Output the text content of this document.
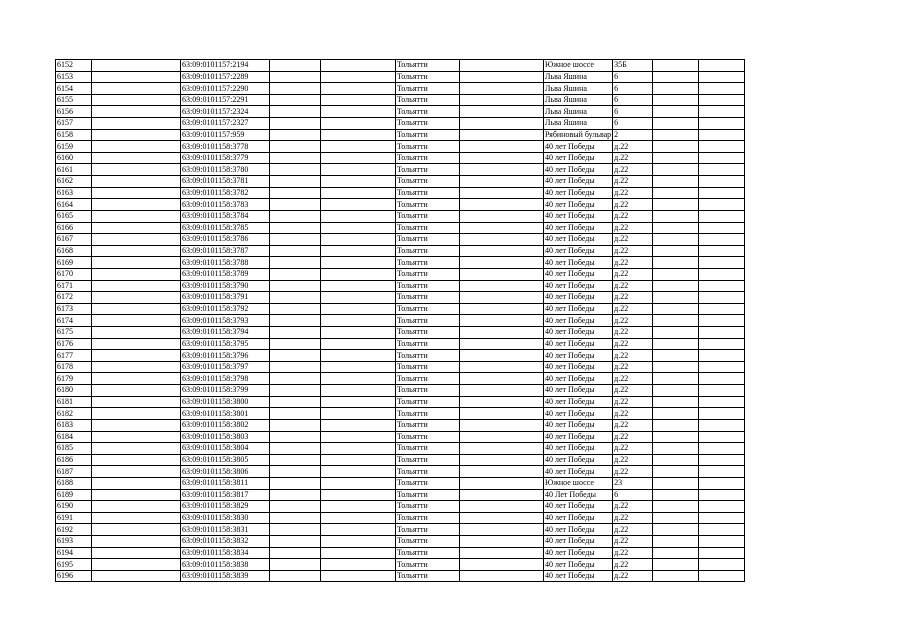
6152		63:09:0101157:2194			Тольятти		Южное шоссе	35Б		
6153		63:09:0101157:2289			Тольятти		Льва Яшина	6		
6154		63:09:0101157:2290			Тольятти		Льва Яшина	6		
6155		63:09:0101157:2291			Тольятти		Льва Яшина	6		
6156		63:09:0101157:2324			Тольятти		Льва Яшина	6		
6157		63:09:0101157:2327			Тольятти		Льва Яшина	6		
6158		63:09:0101157:959			Тольятти		Рябиновый бульвар	2		
6159		63:09:0101158:3778			Тольятти		40 лет Победы	д.22		
6160		63:09:0101158:3779			Тольятти		40 лет Победы	д.22		
6161		63:09:0101158:3780			Тольятти		40 лет Победы	д.22		
6162		63:09:0101158:3781			Тольятти		40 лет Победы	д.22		
6163		63:09:0101158:3782			Тольятти		40 лет Победы	д.22		
6164		63:09:0101158:3783			Тольятти		40 лет Победы	д.22		
6165		63:09:0101158:3784			Тольятти		40 лет Победы	д.22		
6166		63:09:0101158:3785			Тольятти		40 лет Победы	д.22		
6167		63:09:0101158:3786			Тольятти		40 лет Победы	д.22		
6168		63:09:0101158:3787			Тольятти		40 лет Победы	д.22		
6169		63:09:0101158:3788			Тольятти		40 лет Победы	д.22		
6170		63:09:0101158:3789			Тольятти		40 лет Победы	д.22		
6171		63:09:0101158:3790			Тольятти		40 лет Победы	д.22		
6172		63:09:0101158:3791			Тольятти		40 лет Победы	д.22		
6173		63:09:0101158:3792			Тольятти		40 лет Победы	д.22		
6174		63:09:0101158:3793			Тольятти		40 лет Победы	д.22		
6175		63:09:0101158:3794			Тольятти		40 лет Победы	д.22		
6176		63:09:0101158:3795			Тольятти		40 лет Победы	д.22		
6177		63:09:0101158:3796			Тольятти		40 лет Победы	д.22		
6178		63:09:0101158:3797			Тольятти		40 лет Победы	д.22		
6179		63:09:0101158:3798			Тольятти		40 лет Победы	д.22		
6180		63:09:0101158:3799			Тольятти		40 лет Победы	д.22		
6181		63:09:0101158:3800			Тольятти		40 лет Победы	д.22		
6182		63:09:0101158:3801			Тольятти		40 лет Победы	д.22		
6183		63:09:0101158:3802			Тольятти		40 лет Победы	д.22		
6184		63:09:0101158:3803			Тольятти		40 лет Победы	д.22		
6185		63:09:0101158:3804			Тольятти		40 лет Победы	д.22		
6186		63:09:0101158:3805			Тольятти		40 лет Победы	д.22		
6187		63:09:0101158:3806			Тольятти		40 лет Победы	д.22		
6188		63:09:0101158:3811			Тольятти		Южное шоссе	23		
6189		63:09:0101158:3817			Тольятти		40 Лет Победы	6		
6190		63:09:0101158:3829			Тольятти		40 лет Победы	д.22		
6191		63:09:0101158:3830			Тольятти		40 лет Победы	д.22		
6192		63:09:0101158:3831			Тольятти		40 лет Победы	д.22		
6193		63:09:0101158:3832			Тольятти		40 лет Победы	д.22		
6194		63:09:0101158:3834			Тольятти		40 лет Победы	д.22		
6195		63:09:0101158:3838			Тольятти		40 лет Победы	д.22		
6196		63:09:0101158:3839			Тольятти		40 лет Победы	д.22		
